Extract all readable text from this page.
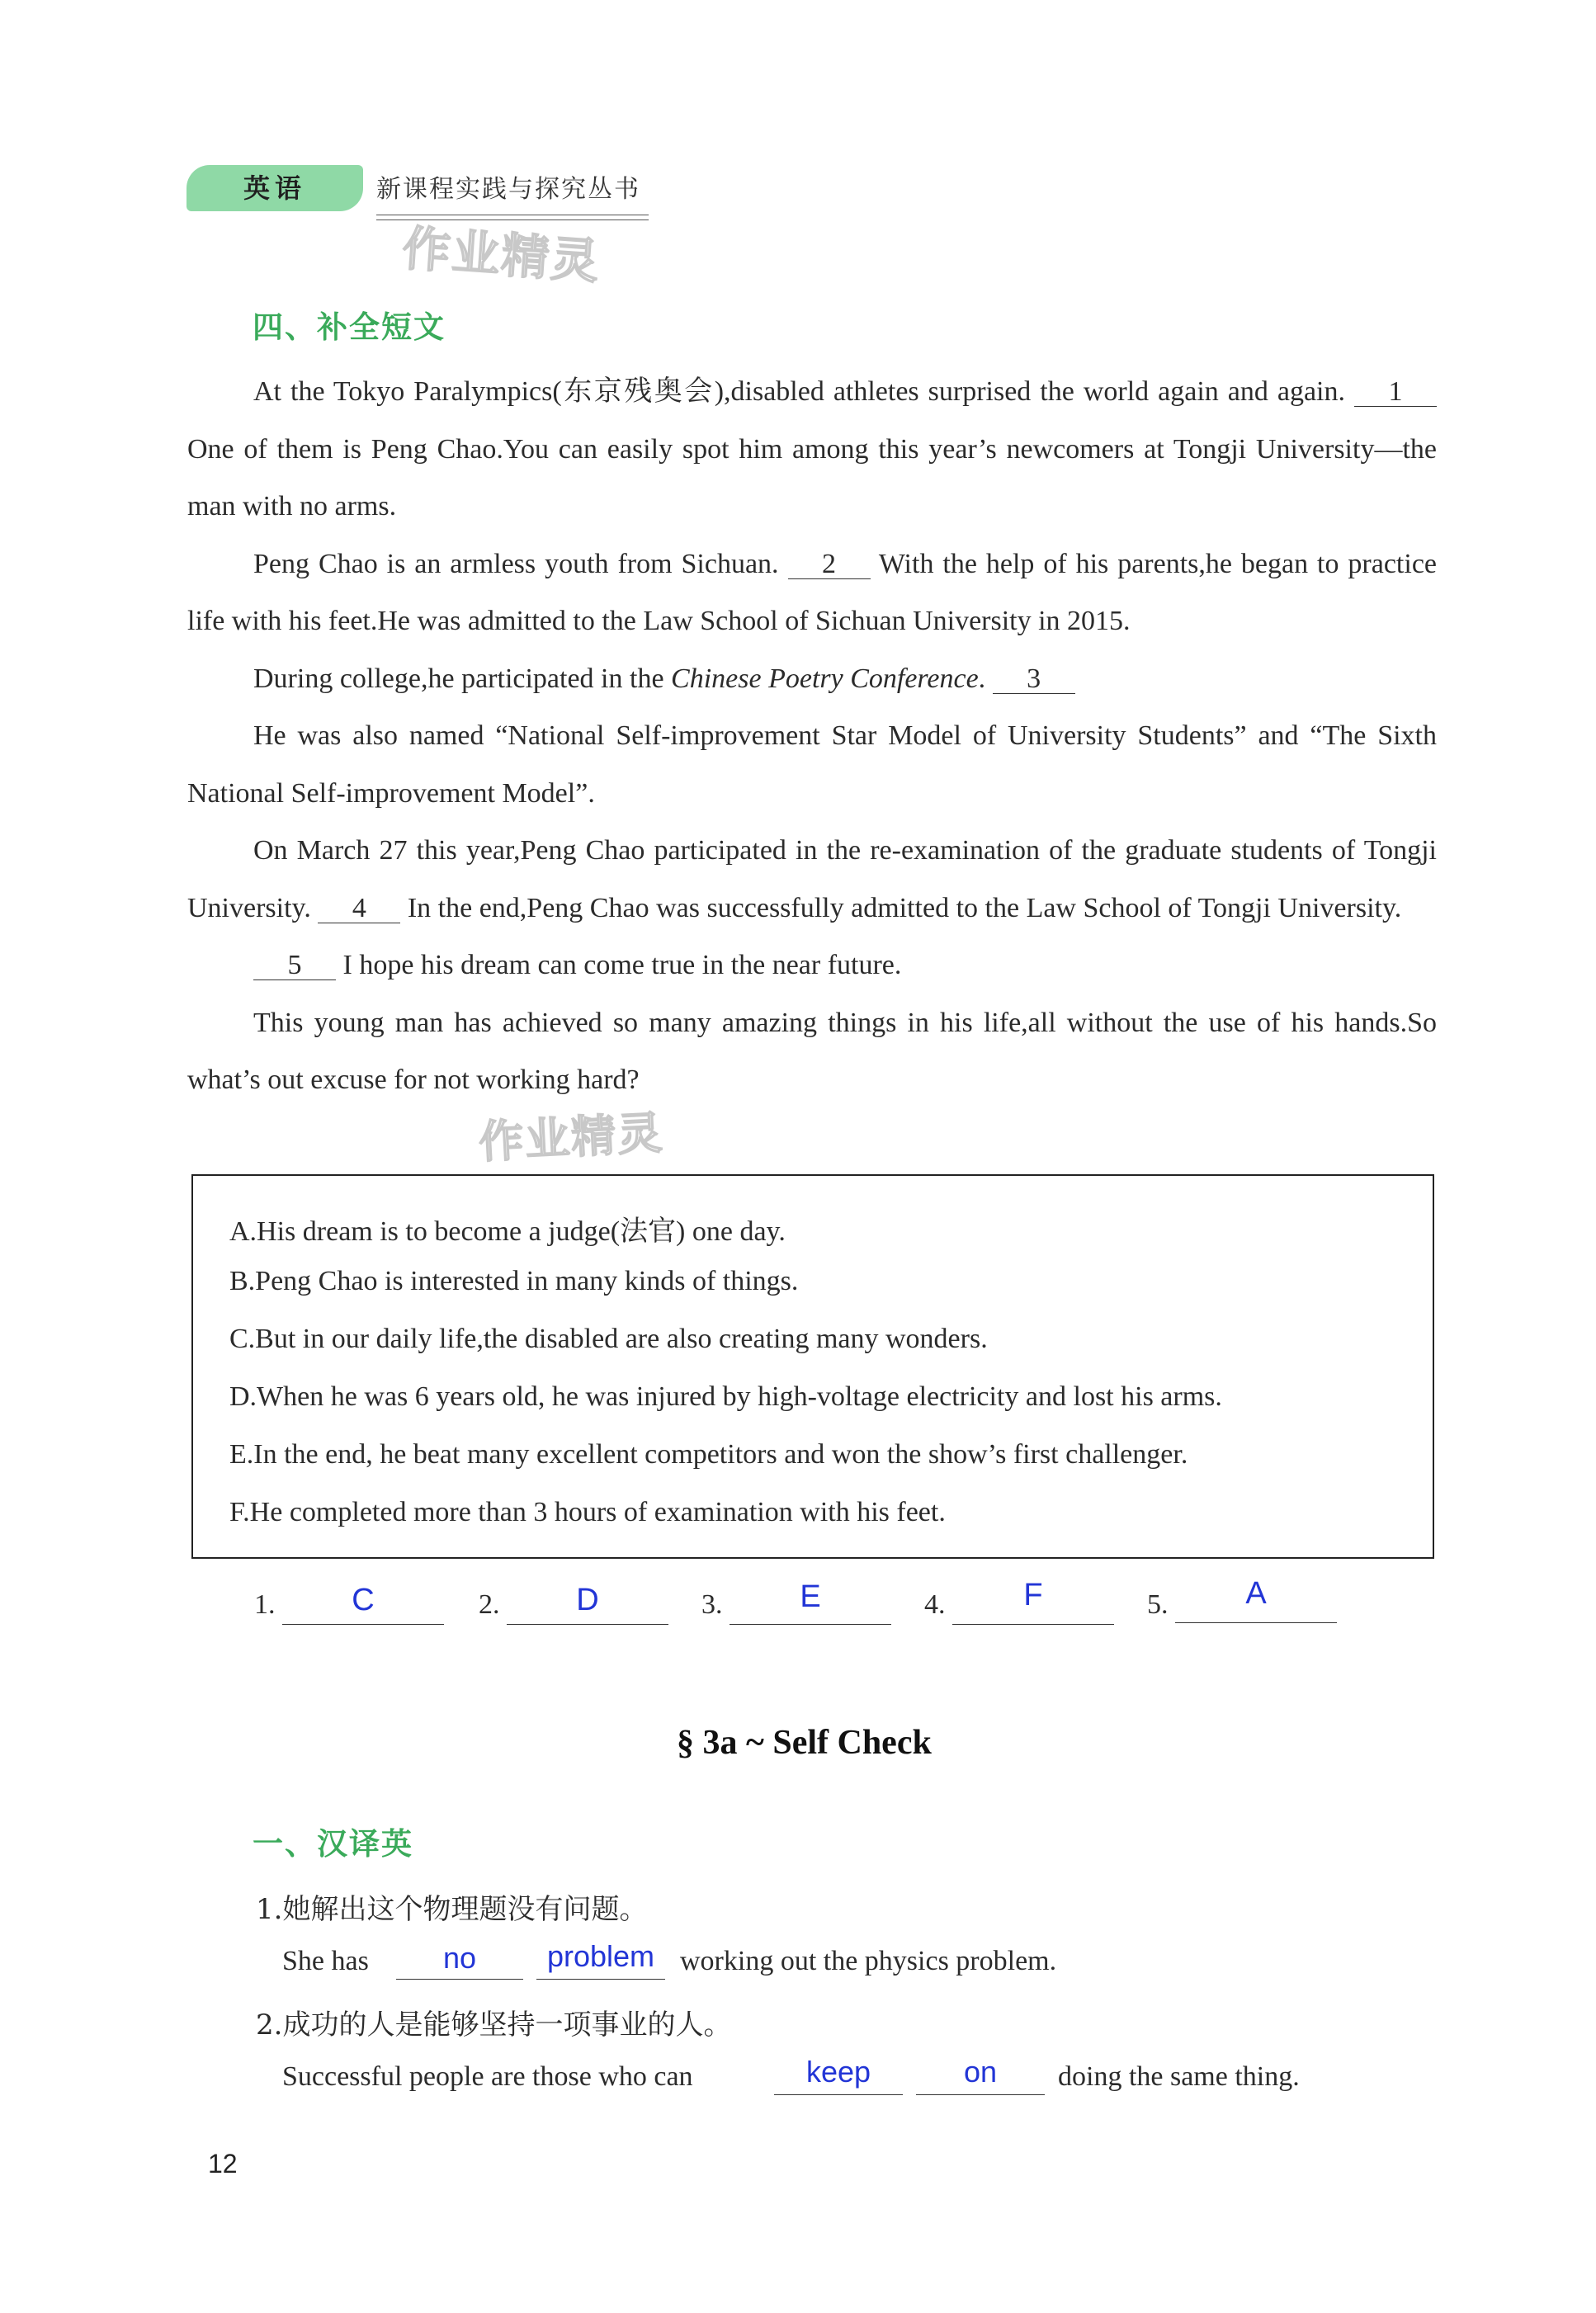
英语	新课程实践与探究丛书
作业精灵
四、补全短文

At the Tokyo Paralympics(东京残奥会),disabled athletes surprised the world again and again. 1 One of them is Peng Chao.You can easily spot him among this year’s newcomers at Tongji University—the man with no arms.

Peng Chao is an armless youth from Sichuan. 2 With the help of his parents,he began to practice life with his feet.He was admitted to the Law School of Sichuan University in 2015.

During college,he participated in the Chinese Poetry Conference. 3

He was also named “National Self-improvement Star Model of University Students” and “The Sixth National Self-improvement Model”.

On March 27 this year,Peng Chao participated in the re-examination of the graduate students of Tongji University. 4 In the end,Peng Chao was successfully admitted to the Law School of Tongji University.

5 I hope his dream can come true in the near future.

This young man has achieved so many amazing things in his life,all without the use of his hands.So what’s out excuse for not working hard?

作业精灵
A.His dream is to become a judge(法官) one day.
B.Peng Chao is interested in many kinds of things.
C.But in our daily life,the disabled are also creating many wonders.
D.When he was 6 years old, he was injured by high-voltage electricity and lost his arms.
E.In the end, he beat many excellent competitors and won the show’s first challenger.
F.He completed more than 3 hours of examination with his feet.
1.	C	2.	D	3.	E	4.	F	5.	A
§ 3a ~ Self Check
一、汉译英
1.她解出这个物理题没有问题。
She has	no	problem working out the physics problem.
2.成功的人是能够坚持一项事业的人。
Successful people are those who can	keep	on	doing the same thing.
12
